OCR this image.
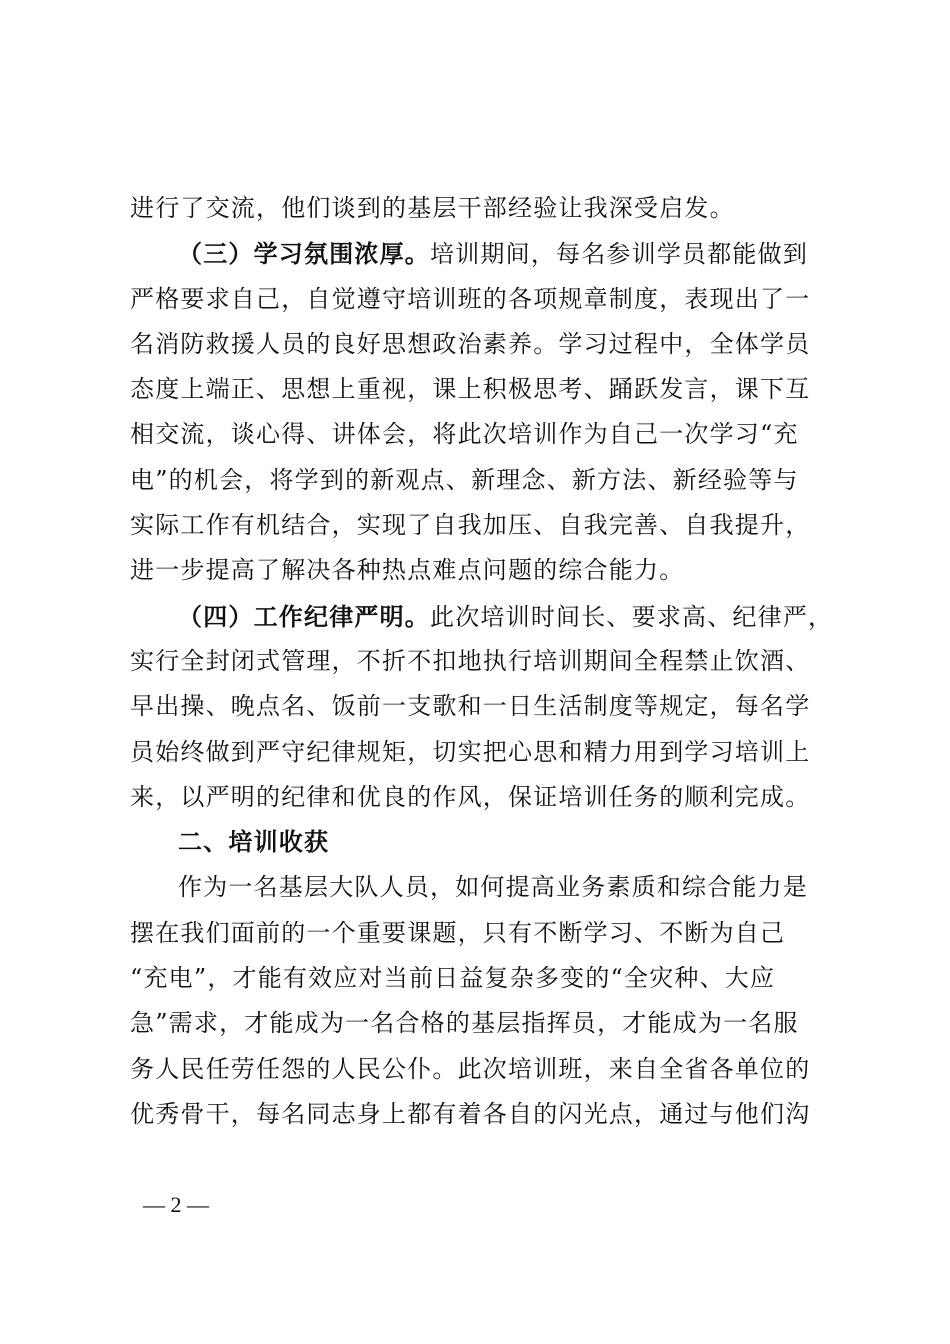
进行了交流，他们谈到的基层干部经验让我深受启发。
（三）学习氛围浓厚。培训期间，每名参训学员都能做到
严格要求自己，自觉遵守培训班的各项规章制度，表现出了一
名消防救援人员的良好思想政治素养。学习过程中，全体学员
态度上端正、思想上重视，课上积极思考、踊跃发言，课下互
相交流，谈心得、讲体会，将此次培训作为自己一次学习“充
电”的机会，将学到的新观点、新理念、新方法、新经验等与
实际工作有机结合，实现了自我加压、自我完善、自我提升，
进一步提高了解决各种热点难点问题的综合能力。
（四）工作纪律严明。此次培训时间长、要求高、纪律严，
实行全封闭式管理，不折不扣地执行培训期间全程禁止饮酒、
早出操、晚点名、饭前一支歌和一日生活制度等规定，每名学
员始终做到严守纪律规矩，切实把心思和精力用到学习培训上
来，以严明的纪律和优良的作风，保证培训任务的顺利完成。
二、培训收获
作为一名基层大队人员，如何提高业务素质和综合能力是
摆在我们面前的一个重要课题，只有不断学习、不断为自己
“充电”，才能有效应对当前日益复杂多变的“全灾种、大应
急”需求，才能成为一名合格的基层指挥员，才能成为一名服
务人民任劳任怨的人民公仆。此次培训班，来自全省各单位的
优秀骨干，每名同志身上都有着各自的闪光点，通过与他们沟
— 2 —
